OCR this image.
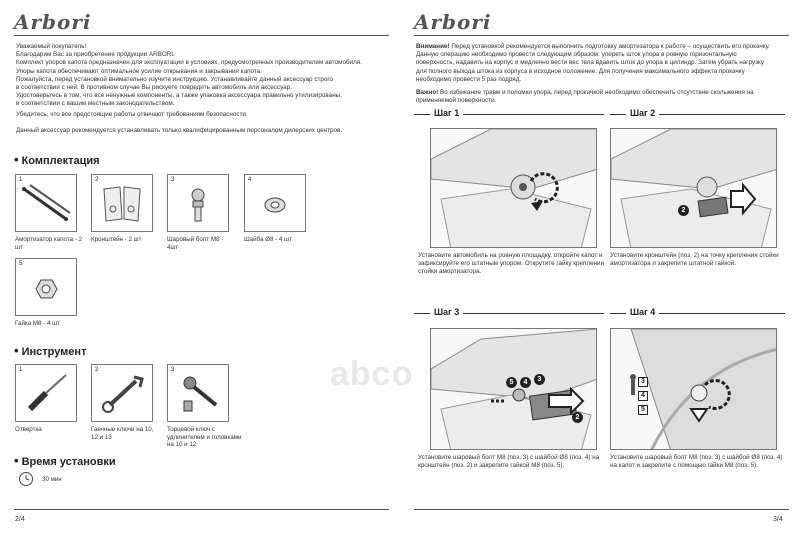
Arbori
Уважаемый покупатель!
Благодарим Вас за приобретение продукции ARBORI.
Комплект упоров капота предназначен для эксплуатации в условиях, предусмотренных производителем автомобиля.
Упоры капота обеспечивают оптимальное усилие открывания и закрывания капота.
Пожалуйста, перед установкой внимательно изучите инструкцию. Устанавливайте данный аксессуар строго
в соответствии с ней. В противном случае Вы рискуете повредить автомобиль или аксессуар.
Удостоверьтесь в том, что все ненужные компоненты, а также упаковка аксессуара правильно утилизированы,
в соответствии с вашим местным законодательством.
Убедитесь, что все предстоящие работы отвечают требованиям безопасности.
Данный аксессуар рекомендуется устанавливать только квалифицированным персоналом дилерских центров.
• Комплектация
1
Амортизатор капота - 2 шт
2
Кронштейн - 2 шт
3
Шаровый болт М8 - 4шт
4
Шайба Ø8 - 4 шт
5
Гайка М8 - 4 шт
• Инструмент
1
Отвертка
2
Гаечные ключи на 10, 12 и 13
3
Торцевой ключ с удлинителем и головками на 10 и 12
• Время установки
30 мин
2/4
Arbori
Внимание! Перед установкой рекомендуется выполнить подготовку амортизатора к работе – осуществить его прокачку. Данную операцию необходимо провести следующим образом: упереть шток упора в ровную горизонтальную поверхность, надавить на корпус и медленно вести вес тела вдавить шток до упора в цилиндр. Затем убрать нагрузку для полного выхода штока из корпуса в исходное положение. Для получения максимального эффекта прокачку необходимо провести 5 раз подряд.
Важно! Во избежание травм и поломки упора, перед прокачкой необходимо обеспечить отсутствие скольжения на применяемой поверхности.
Шаг 1	Шаг 2
Шаг 3	Шаг 4
2
5	4	3
2
3
4
5
Установите автомобиль на ровную площадку, откройте капот и зафиксируйте его штатным упором. Открутите гайку крепления стойки амортизатора.
Установите кронштейн (поз. 2) на точку крепления стойки амортизатора и закрепите штатной гайкой.
Установите шаровый болт М8 (поз. 3) с шайбой Ø8 (поз. 4) на кронштейн (поз. 2) и закрепите гайкой М8 (поз. 5).
Установите шаровый болт М8 (поз. 3) с шайбой Ø8 (поз. 4) на капот и закрепите с помощью гайки М8 (поз. 5).
3/4
abco
